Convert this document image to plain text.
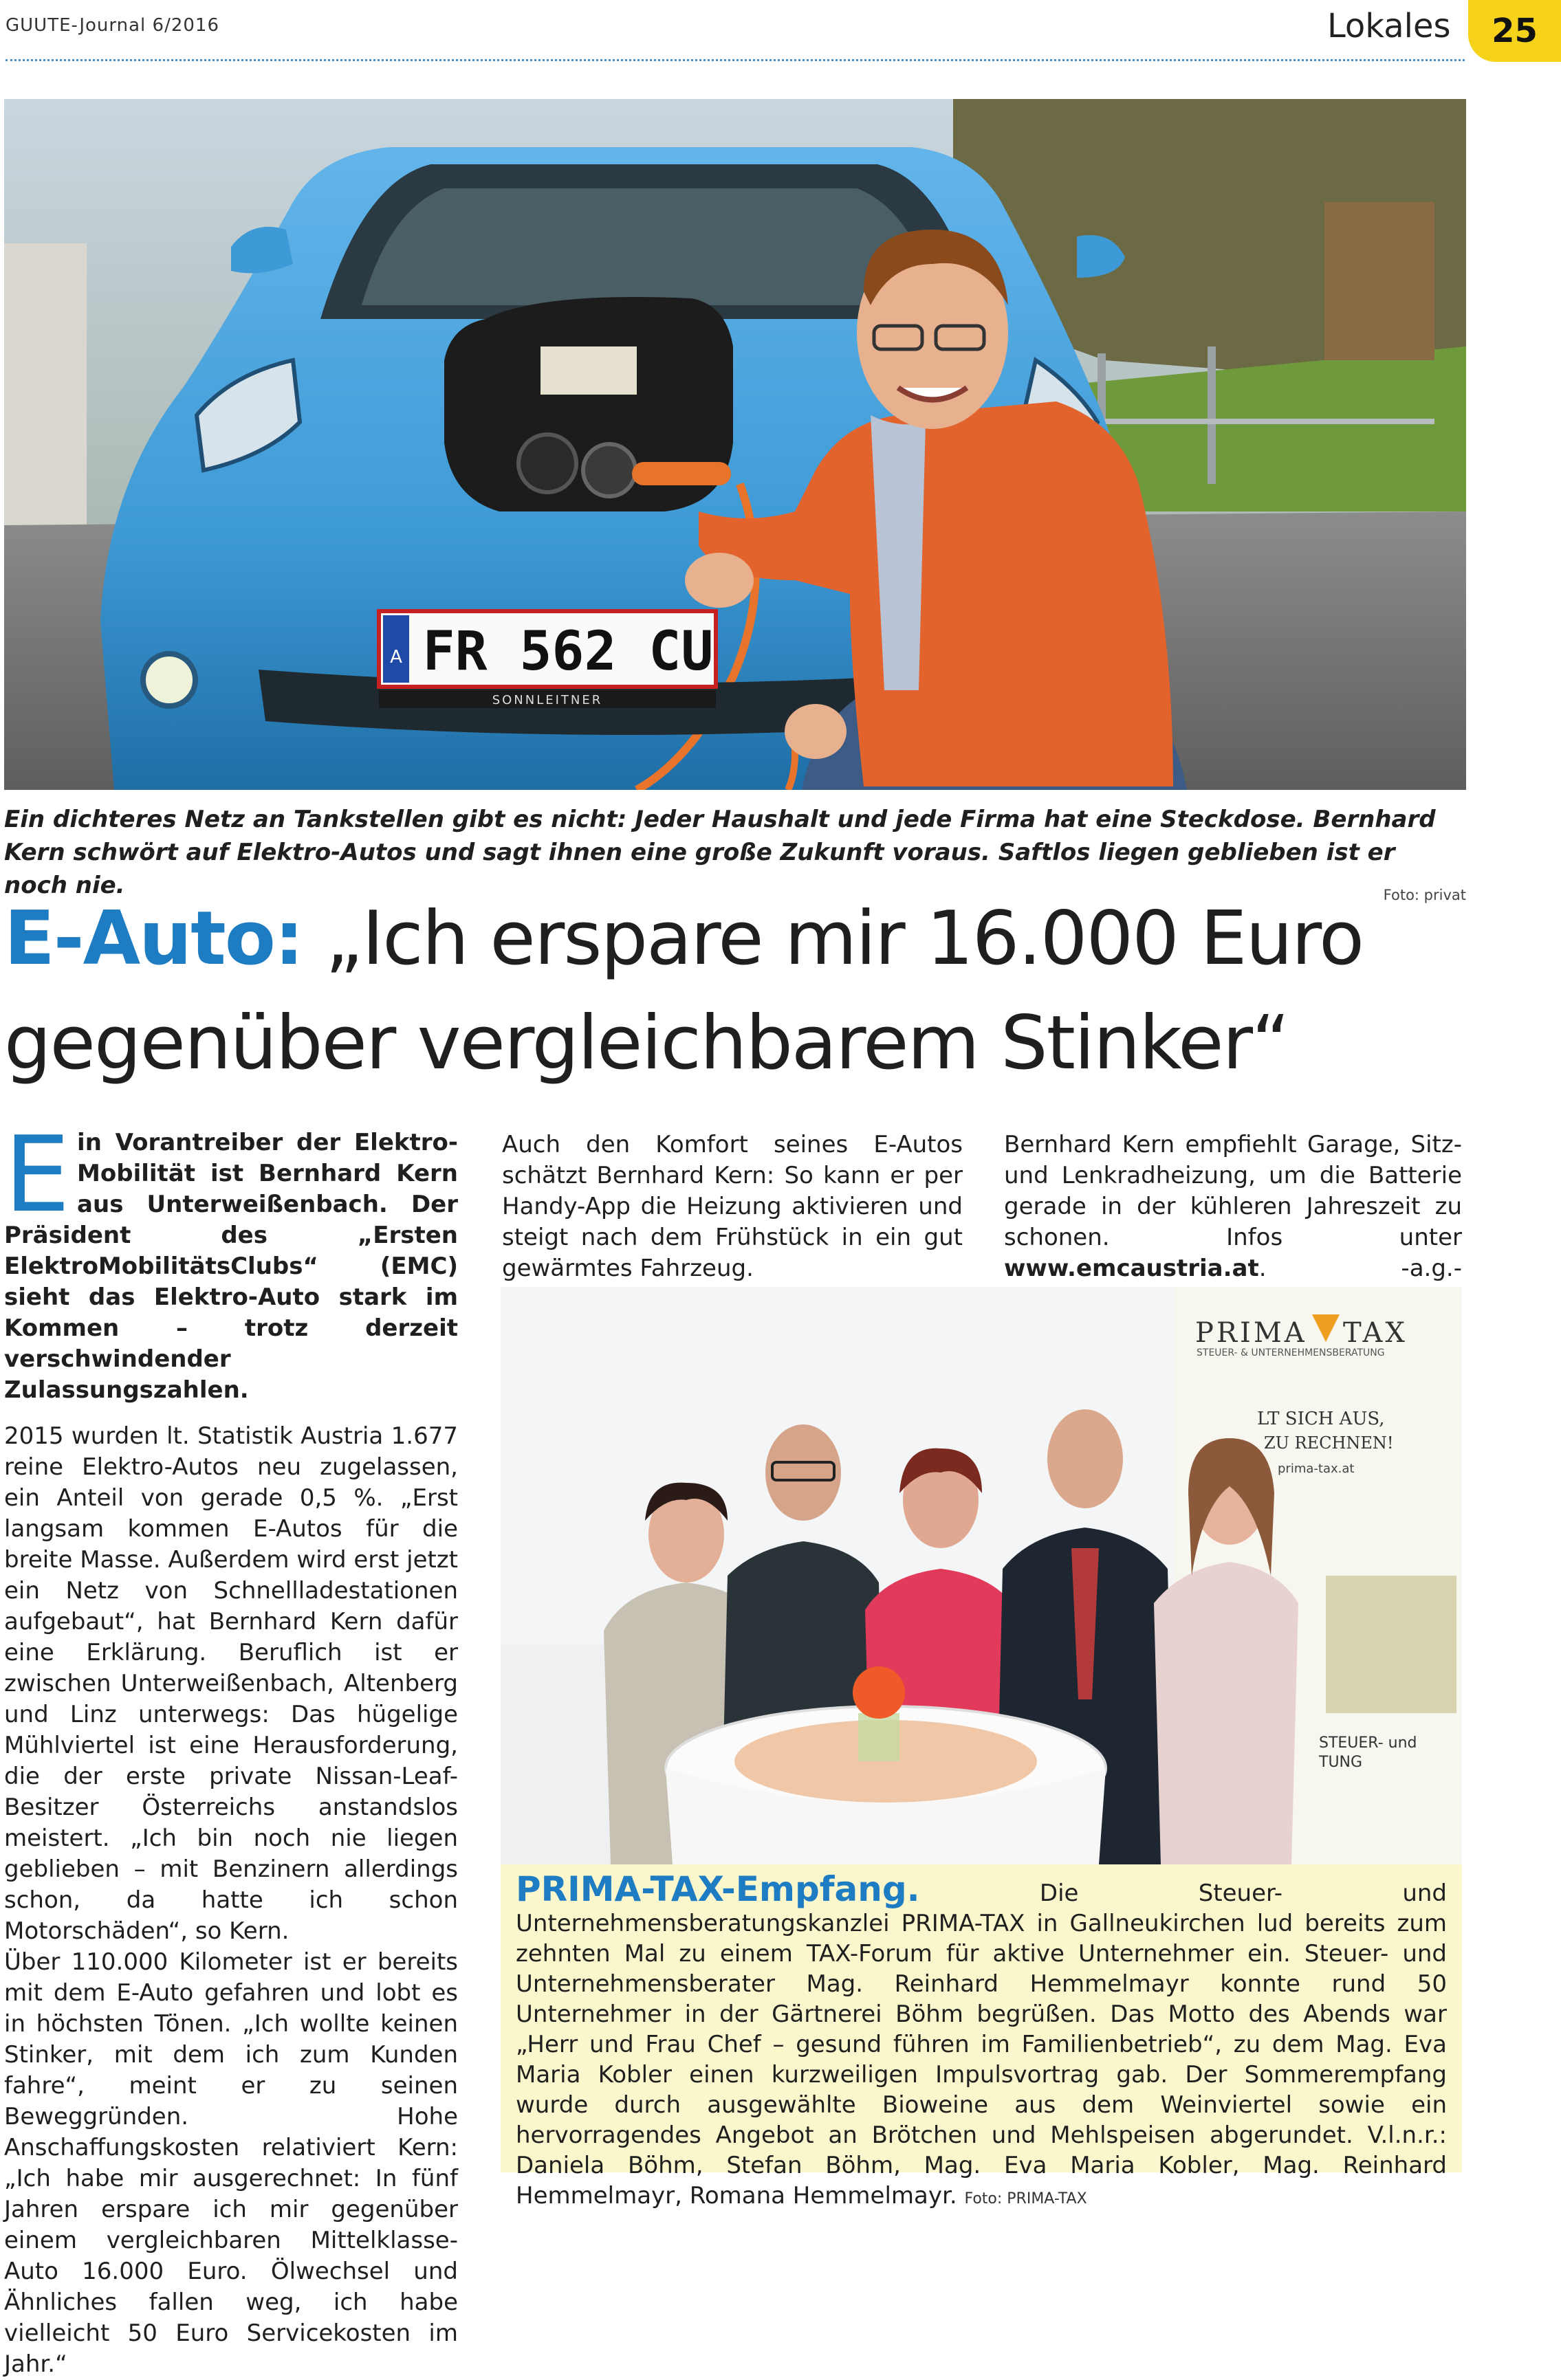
GUUTE-Journal 6/2016	Lokales 25
A FR 562 CU
SONNLEITNER
Ein dichteres Netz an Tankstellen gibt es nicht: Jeder Haushalt und jede Firma hat eine Steckdose. Bernhard Kern schwört auf Elektro-Autos und sagt ihnen eine große Zukunft voraus. Saftlos liegen geblieben ist er noch nie.	Foto: privat
E-Auto: „Ich erspare mir 16.000 Euro gegenüber vergleichbarem Stinker“
E in Vorantreiber der Elektro-Mobilität ist Bernhard Kern aus Unterweißenbach. Der Präsident des „Ersten ElektroMobilitätsClubs“ (EMC) sieht das Elektro-Auto stark im Kommen – trotz derzeit verschwindender Zulassungszahlen.

2015 wurden lt. Statistik Austria 1.677 reine Elektro-Autos neu zugelassen, ein Anteil von gerade 0,5 %. „Erst langsam kommen E-Autos für die breite Masse. Außerdem wird erst jetzt ein Netz von Schnellladestationen aufgebaut“, hat Bernhard Kern dafür eine Erklärung. Beruflich ist er zwischen Unterweißenbach, Altenberg und Linz unterwegs: Das hügelige Mühlviertel ist eine Herausforderung, die der erste private Nissan-Leaf-Besitzer Österreichs anstandslos meistert. „Ich bin noch nie liegen geblieben – mit Benzinern allerdings schon, da hatte ich schon Motorschäden“, so Kern.

Über 110.000 Kilometer ist er bereits mit dem E-Auto gefahren und lobt es in höchsten Tönen. „Ich wollte keinen Stinker, mit dem ich zum Kunden fahre“, meint er zu seinen Beweggründen. Hohe Anschaffungskosten relativiert Kern: „Ich habe mir ausgerechnet: In fünf Jahren erspare ich mir gegenüber einem vergleichbaren Mittelklasse-Auto 16.000 Euro. Ölwechsel und Ähnliches fallen weg, ich habe vielleicht 50 Euro Servicekosten im Jahr.“

Auch den Komfort seines E-Autos schätzt Bernhard Kern: So kann er per Handy-App die Heizung aktivieren und steigt nach dem Frühstück in ein gut gewärmtes Fahrzeug.

Bernhard Kern empfiehlt Garage, Sitz- und Lenkradheizung, um die Batterie gerade in der kühleren Jahreszeit zu schonen. Infos unter www.emcaustria.at.	-a.g.-

PRIMA TAX
STEUER- & UNTERNEHMENSBERATUNG
LT SICH AUS,
ZU RECHNEN!
prima-tax.at
STEUER- und
TUNG
PRIMA-TAX-Empfang.	Die Steuer- und Unternehmensberatungskanzlei PRIMA-TAX in Gallneukirchen lud bereits zum zehnten Mal zu einem TAX-Forum für aktive Unternehmer ein. Steuer- und Unternehmensberater Mag. Reinhard Hemmelmayr konnte rund 50 Unternehmer in der Gärtnerei Böhm begrüßen. Das Motto des Abends war „Herr und Frau Chef – gesund führen im Familienbetrieb“, zu dem Mag. Eva Maria Kobler einen kurzweiligen Impulsvortrag gab. Der Sommerempfang wurde durch ausgewählte Bioweine aus dem Weinviertel sowie ein hervorragendes Angebot an Brötchen und Mehlspeisen abgerundet. V.l.n.r.: Daniela Böhm, Stefan Böhm, Mag. Eva Maria Kobler, Mag. Reinhard Hemmelmayr, Romana Hemmelmayr. Foto: PRIMA-TAX
